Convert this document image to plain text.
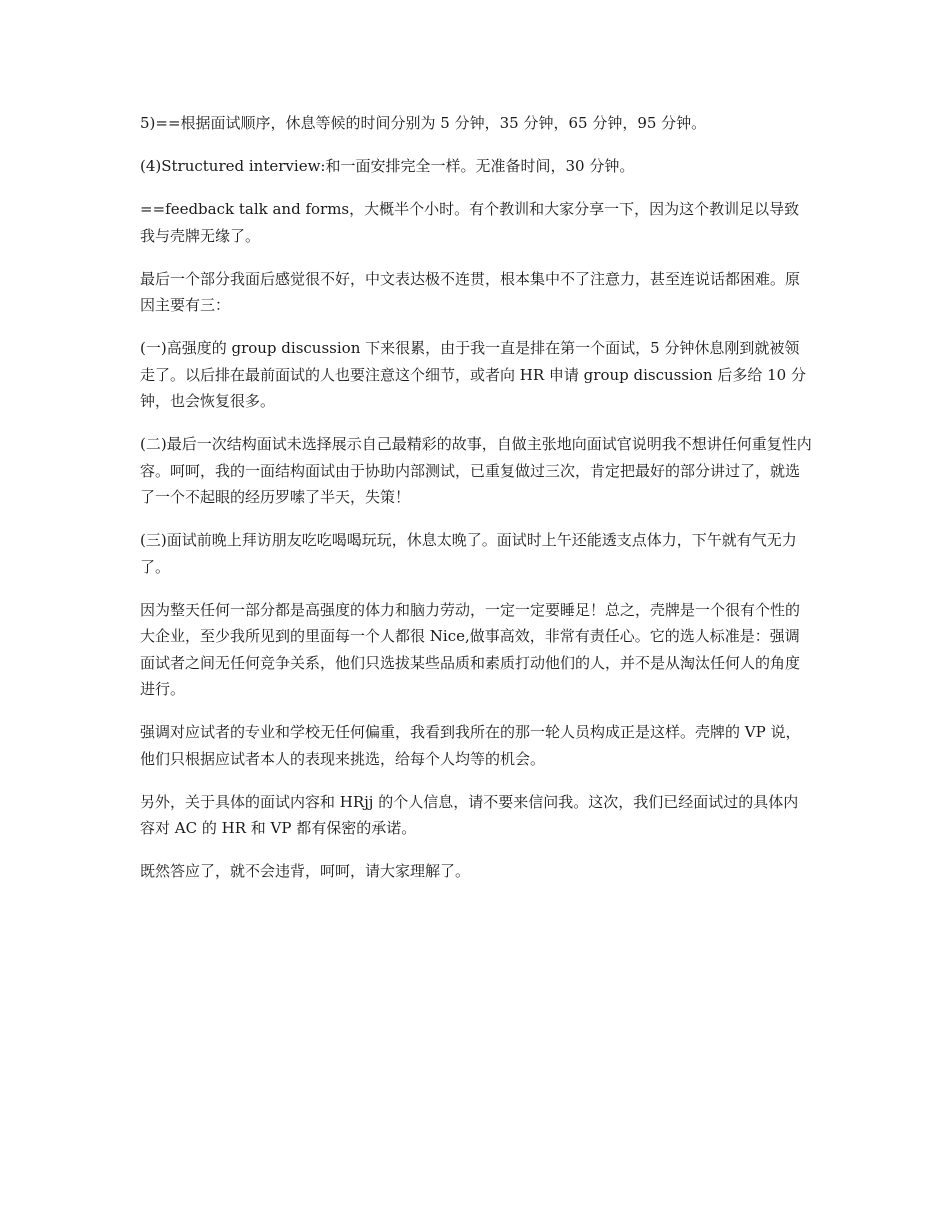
5)==根据面试顺序，休息等候的时间分别为 5 分钟，35 分钟，65 分钟，95 分钟。

(4)Structured interview:和一面安排完全一样。无准备时间，30 分钟。

==feedback talk and forms，大概半个小时。有个教训和大家分享一下，因为这个教训足以导致我与壳牌无缘了。

最后一个部分我面后感觉很不好，中文表达极不连贯，根本集中不了注意力，甚至连说话都困难。原因主要有三：

(一)高强度的 group discussion 下来很累，由于我一直是排在第一个面试，5 分钟休息刚到就被领走了。以后排在最前面试的人也要注意这个细节，或者向 HR 申请 group discussion 后多给 10 分钟，也会恢复很多。

(二)最后一次结构面试未选择展示自己最精彩的故事，自做主张地向面试官说明我不想讲任何重复性内容。呵呵，我的一面结构面试由于协助内部测试，已重复做过三次，肯定把最好的部分讲过了，就选了一个不起眼的经历罗嗦了半天，失策！

(三)面试前晚上拜访朋友吃吃喝喝玩玩，休息太晚了。面试时上午还能透支点体力，下午就有气无力了。

因为整天任何一部分都是高强度的体力和脑力劳动，一定一定要睡足！总之，壳牌是一个很有个性的大企业，至少我所见到的里面每一个人都很 Nice,做事高效，非常有责任心。它的选人标准是：强调面试者之间无任何竞争关系，他们只选拔某些品质和素质打动他们的人，并不是从淘汰任何人的角度进行。

强调对应试者的专业和学校无任何偏重，我看到我所在的那一轮人员构成正是这样。壳牌的 VP 说，他们只根据应试者本人的表现来挑选，给每个人均等的机会。

另外，关于具体的面试内容和 HRjj 的个人信息，请不要来信问我。这次，我们已经面试过的具体内容对 AC 的 HR 和 VP 都有保密的承诺。

既然答应了，就不会违背，呵呵，请大家理解了。
